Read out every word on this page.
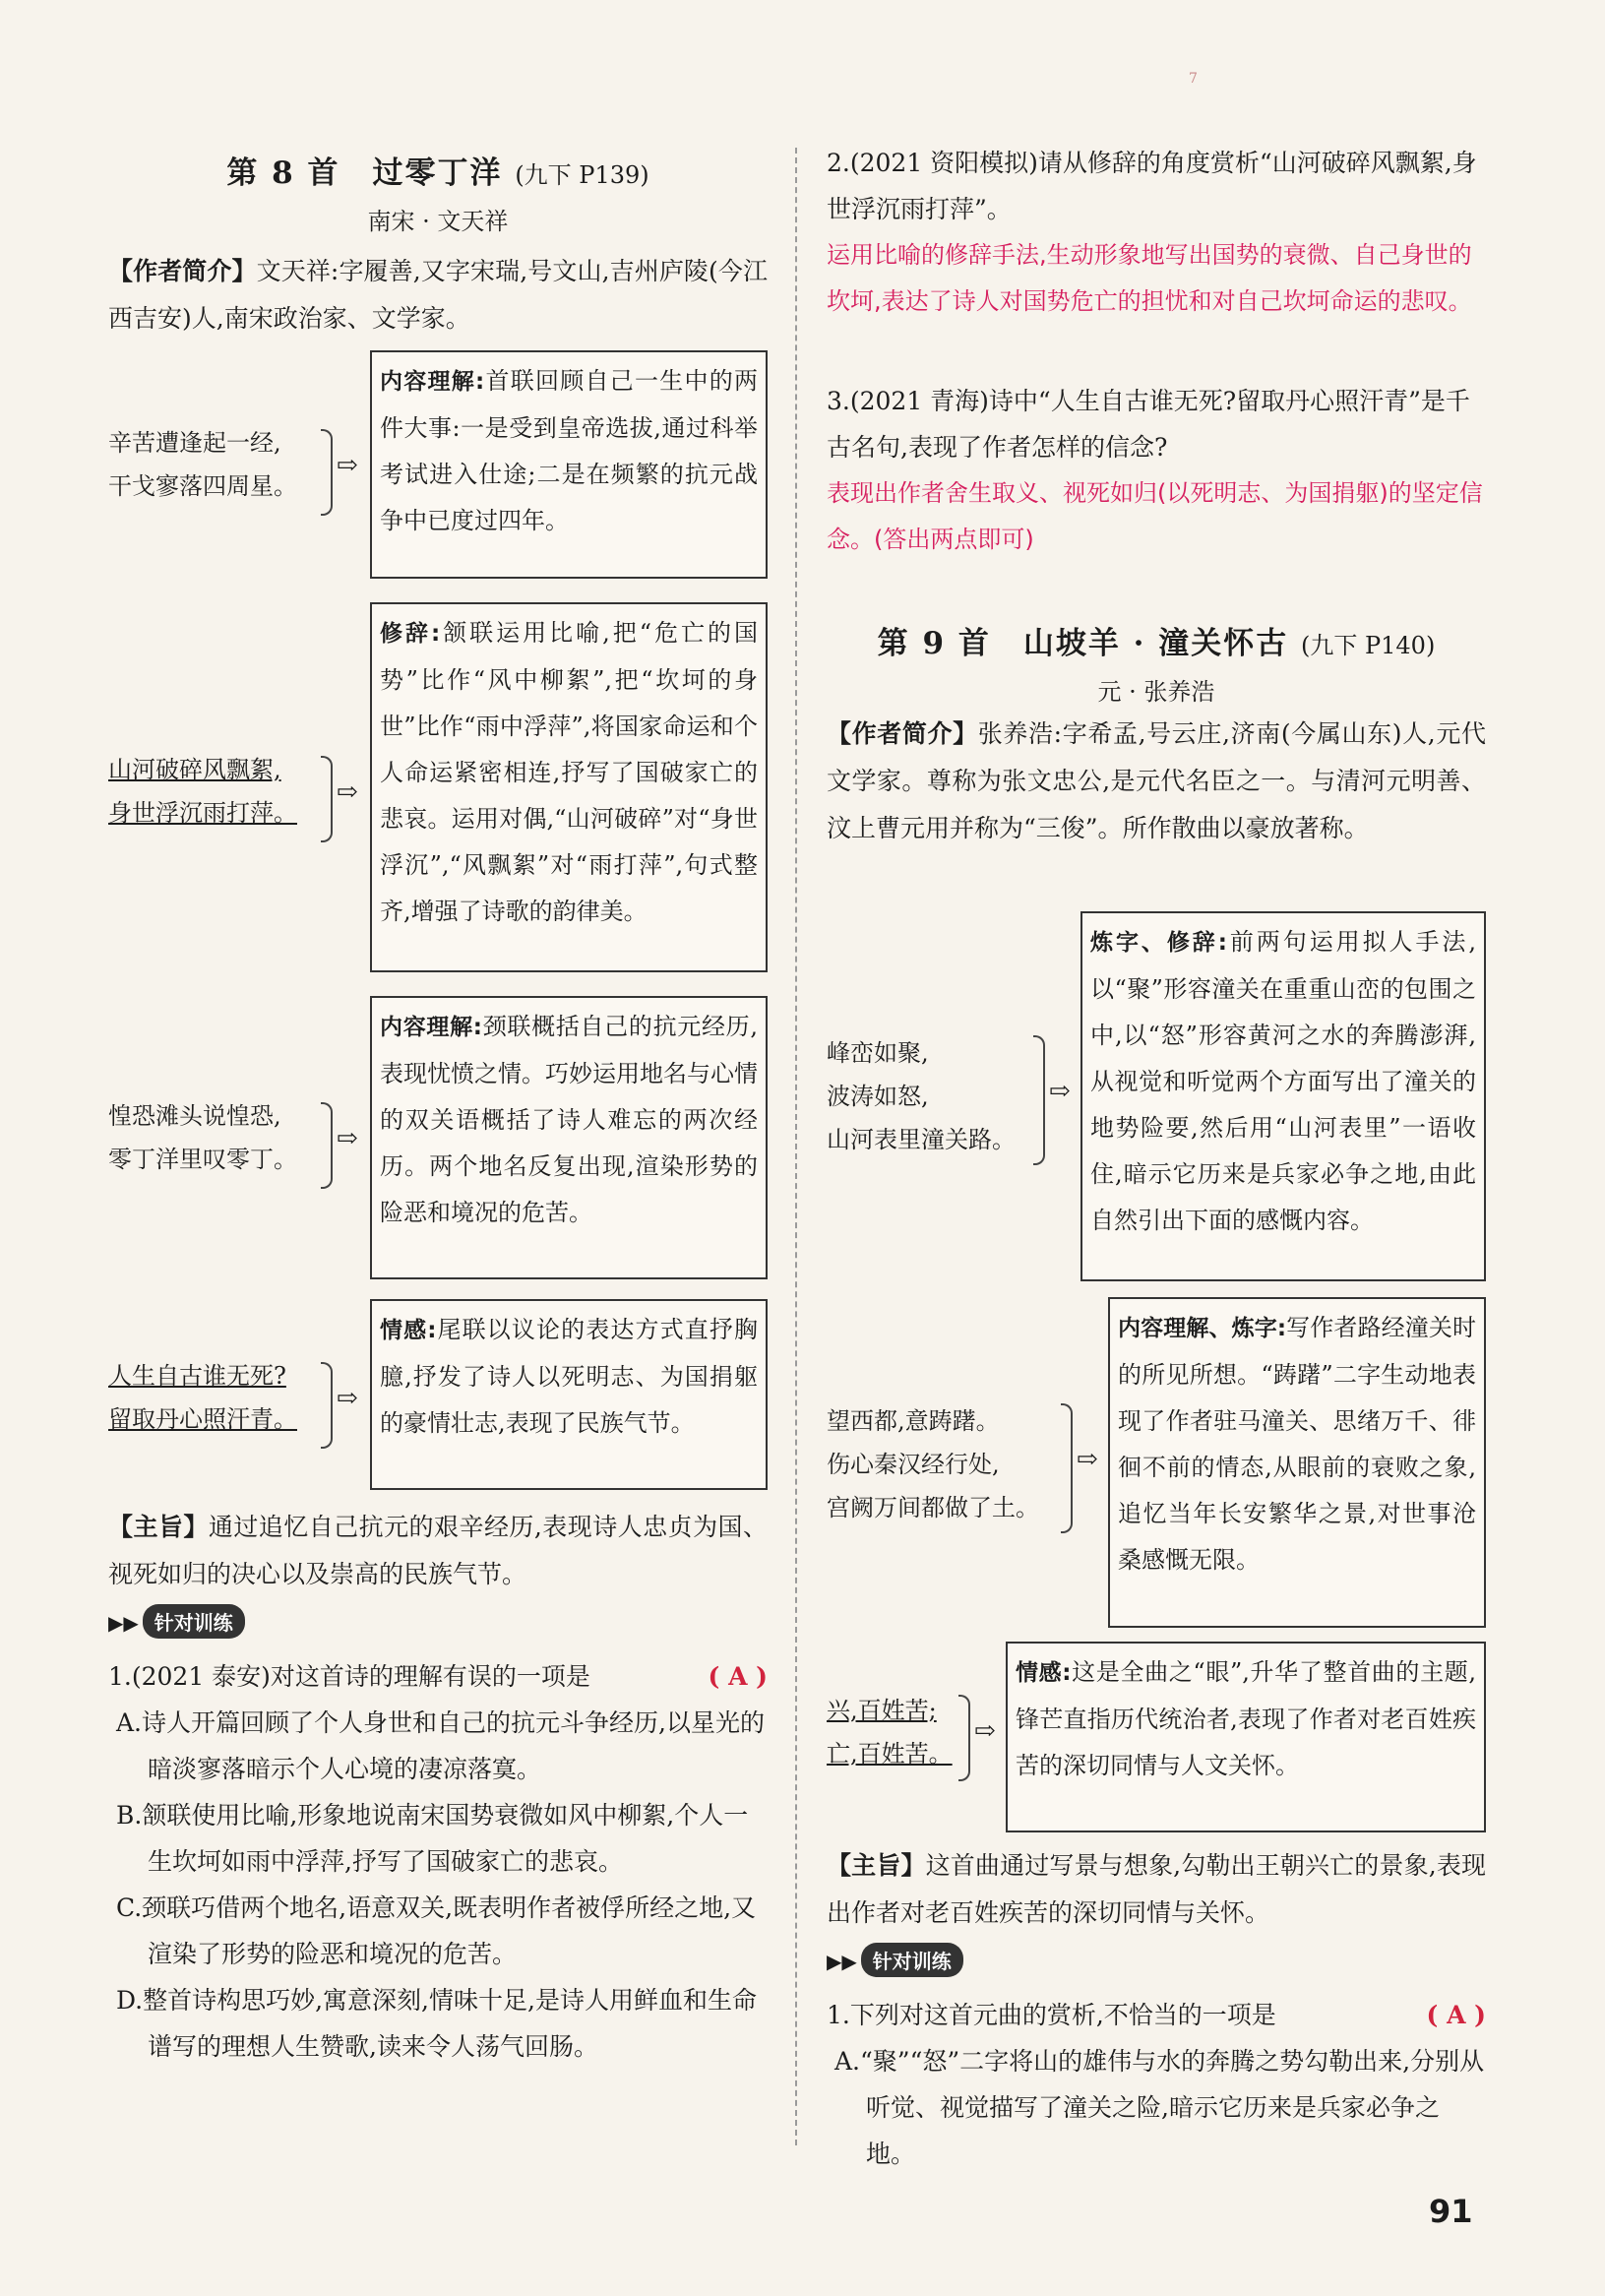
7
第 8 首　过零丁洋 (九下 P139)
南宋 · 文天祥
【作者简介】文天祥:字履善,又字宋瑞,号文山,吉州庐陵(今江西吉安)人,南宋政治家、文学家。
辛苦遭逢起一经,
干戈寥落四周星。
⇨
内容理解:首联回顾自己一生中的两件大事:一是受到皇帝选拔,通过科举考试进入仕途;二是在频繁的抗元战争中已度过四年。
山河破碎风飘絮,
身世浮沉雨打萍。
⇨
修辞:颔联运用比喻,把“危亡的国势”比作“风中柳絮”,把“坎坷的身世”比作“雨中浮萍”,将国家命运和个人命运紧密相连,抒写了国破家亡的悲哀。运用对偶,“山河破碎”对“身世浮沉”,“风飘絮”对“雨打萍”,句式整齐,增强了诗歌的韵律美。
惶恐滩头说惶恐,
零丁洋里叹零丁。
⇨
内容理解:颈联概括自己的抗元经历,表现忧愤之情。巧妙运用地名与心情的双关语概括了诗人难忘的两次经历。两个地名反复出现,渲染形势的险恶和境况的危苦。
人生自古谁无死?
留取丹心照汗青。
⇨
情感:尾联以议论的表达方式直抒胸臆,抒发了诗人以死明志、为国捐躯的豪情壮志,表现了民族气节。
【主旨】通过追忆自己抗元的艰辛经历,表现诗人忠贞为国、视死如归的决心以及崇高的民族气节。
▶▶ 针对训练
1.(2021 泰安)对这首诗的理解有误的一项是	( A )
A.诗人开篇回顾了个人身世和自己的抗元斗争经历,以星光的暗淡寥落暗示个人心境的凄凉落寞。
B.颔联使用比喻,形象地说南宋国势衰微如风中柳絮,个人一生坎坷如雨中浮萍,抒写了国破家亡的悲哀。
C.颈联巧借两个地名,语意双关,既表明作者被俘所经之地,又渲染了形势的险恶和境况的危苦。
D.整首诗构思巧妙,寓意深刻,情味十足,是诗人用鲜血和生命谱写的理想人生赞歌,读来令人荡气回肠。
2.(2021 资阳模拟)请从修辞的角度赏析“山河破碎风飘絮,身世浮沉雨打萍”。
运用比喻的修辞手法,生动形象地写出国势的衰微、自己身世的坎坷,表达了诗人对国势危亡的担忧和对自己坎坷命运的悲叹。
3.(2021 青海)诗中“人生自古谁无死?留取丹心照汗青”是千古名句,表现了作者怎样的信念?
表现出作者舍生取义、视死如归(以死明志、为国捐躯)的坚定信念。(答出两点即可)
第 9 首　山坡羊 · 潼关怀古 (九下 P140)
元 · 张养浩
【作者简介】张养浩:字希孟,号云庄,济南(今属山东)人,元代文学家。尊称为张文忠公,是元代名臣之一。与清河元明善、汶上曹元用并称为“三俊”。所作散曲以豪放著称。
峰峦如聚,
波涛如怒,
山河表里潼关路。
⇨
炼字、修辞:前两句运用拟人手法,以“聚”形容潼关在重重山峦的包围之中,以“怒”形容黄河之水的奔腾澎湃,从视觉和听觉两个方面写出了潼关的地势险要,然后用“山河表里”一语收住,暗示它历来是兵家必争之地,由此自然引出下面的感慨内容。
望西都,意踌躇。
伤心秦汉经行处,
宫阙万间都做了土。
⇨
内容理解、炼字:写作者路经潼关时的所见所想。“踌躇”二字生动地表现了作者驻马潼关、思绪万千、徘徊不前的情态,从眼前的衰败之象,追忆当年长安繁华之景,对世事沧桑感慨无限。
兴,百姓苦;
亡,百姓苦。
⇨
情感:这是全曲之“眼”,升华了整首曲的主题,锋芒直指历代统治者,表现了作者对老百姓疾苦的深切同情与人文关怀。
【主旨】这首曲通过写景与想象,勾勒出王朝兴亡的景象,表现出作者对老百姓疾苦的深切同情与关怀。
▶▶ 针对训练
1.下列对这首元曲的赏析,不恰当的一项是	( A )
A.“聚”“怒”二字将山的雄伟与水的奔腾之势勾勒出来,分别从听觉、视觉描写了潼关之险,暗示它历来是兵家必争之地。
91
